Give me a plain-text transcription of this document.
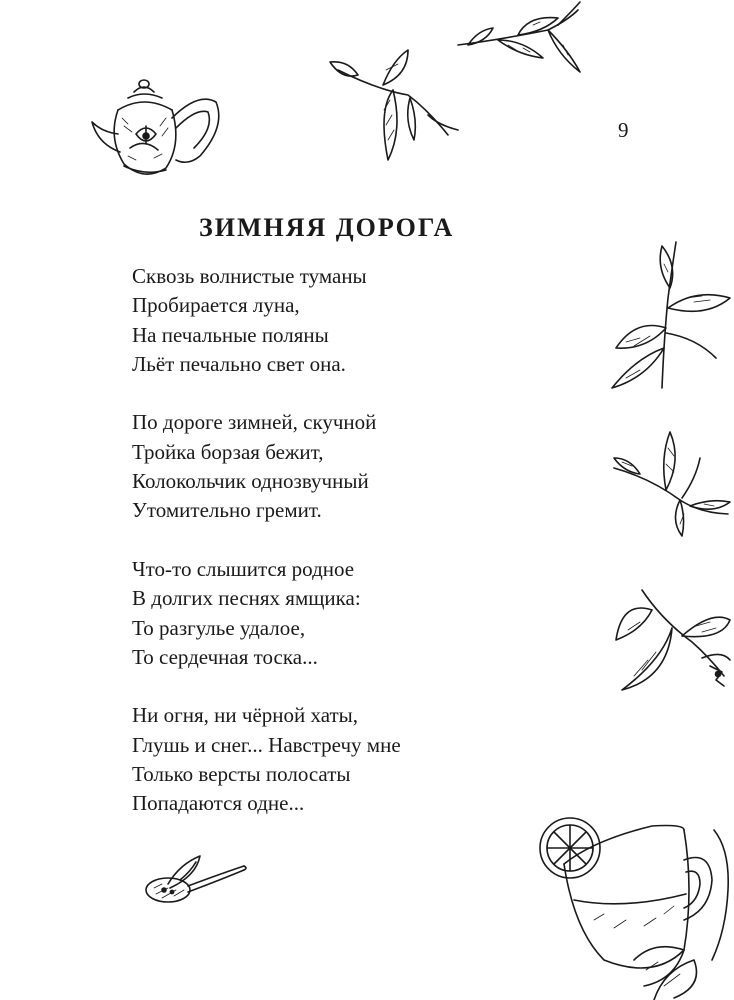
9
ЗИМНЯЯ ДОРОГА
Сквозь волнистые туманы
Пробирается луна,
На печальные поляны
Льёт печально свет она.
По дороге зимней, скучной
Тройка борзая бежит,
Колокольчик однозвучный
Утомительно гремит.
Что-то слышится родное
В долгих песнях ямщика:
То разгулье удалое,
То сердечная тоска...
Ни огня, ни чёрной хаты,
Глушь и снег... Навстречу мне
Только версты полосаты
Попадаются одне...
